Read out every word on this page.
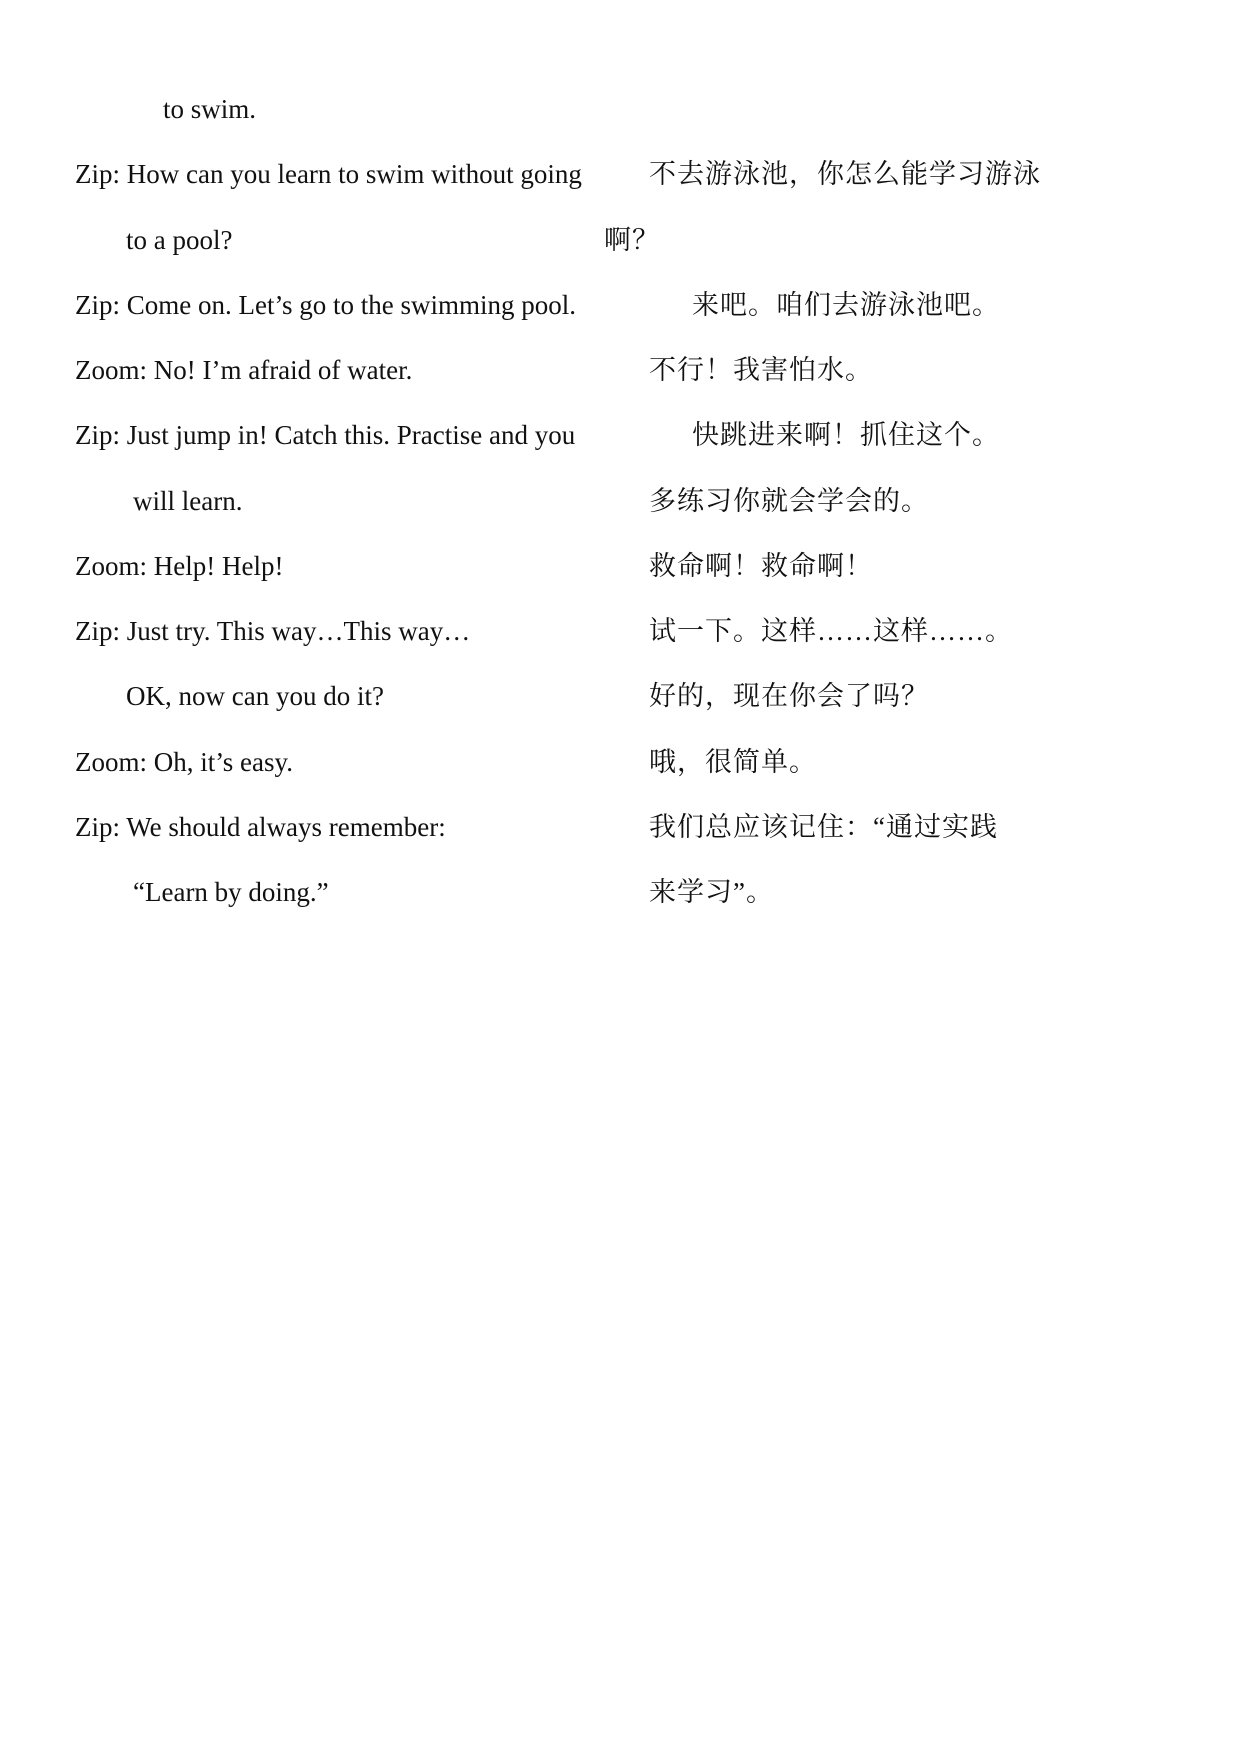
to swim.
Zip: How can you learn to swim without going 不去游泳池，你怎么能学习游泳
to a pool?	啊？
Zip: Come on. Let’s go to the swimming pool.	来吧。咱们去游泳池吧。
Zoom: No! I’m afraid of water.	不行！我害怕水。
Zip: Just jump in! Catch this. Practise and you	快跳进来啊！抓住这个。
will learn.	多练习你就会学会的。
Zoom: Help! Help!	救命啊！救命啊！
Zip: Just try. This way…This way…	试一下。这样……这样……。
OK, now can you do it?	好的，现在你会了吗？
Zoom: Oh, it’s easy.	哦，很简单。
Zip: We should always remember:	我们总应该记住：“通过实践
“Learn by doing.”	来学习”。
